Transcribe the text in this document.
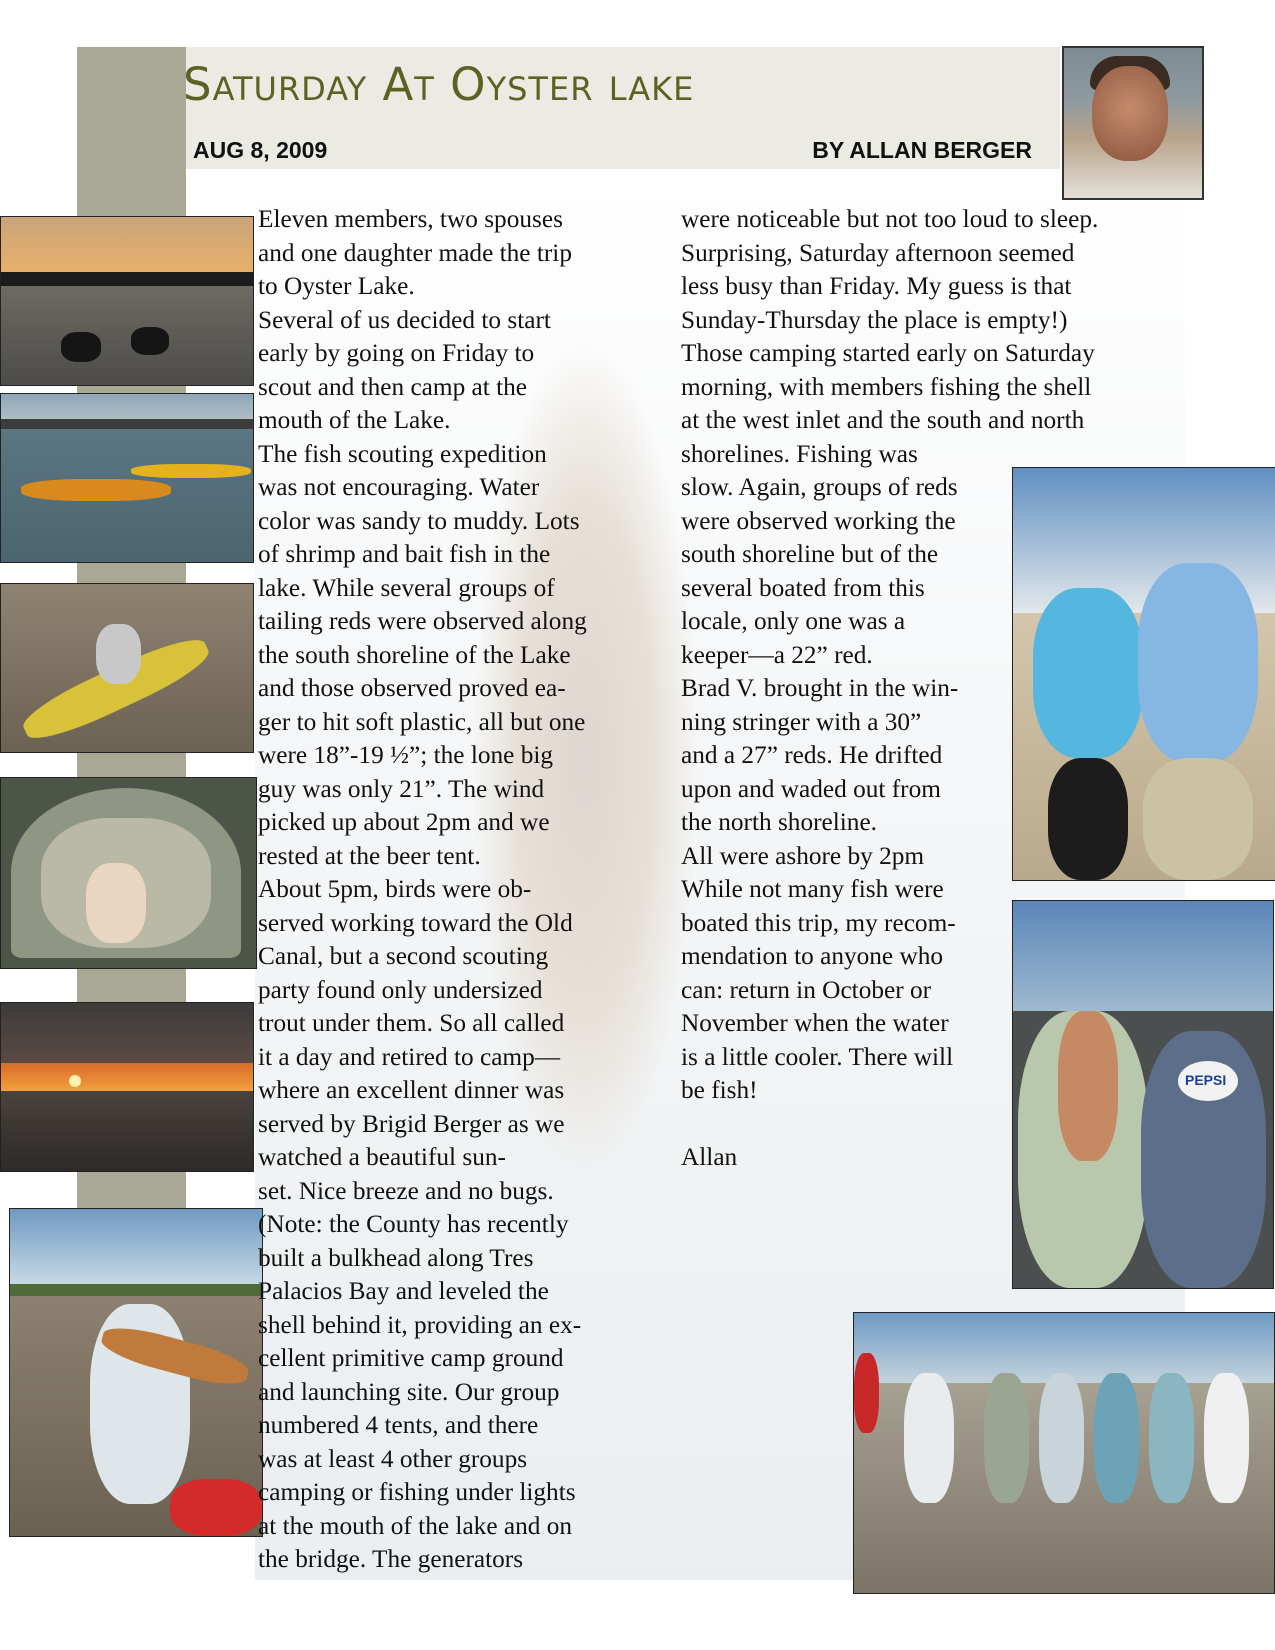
Saturday At Oyster lake
AUG 8, 2009	BY ALLAN BERGER
PEPSI

Eleven members, two spouses

and one daughter made the trip

to Oyster Lake.

Several of us decided to start

early by going on Friday to

scout and then camp at the

mouth of the Lake.

The fish scouting expedition

was not encouraging. Water

color was sandy to muddy. Lots

of shrimp and bait fish in the

lake. While several groups of

tailing reds were observed along

the south shoreline of the Lake

and those observed proved ea-

ger to hit soft plastic, all but one

were 18”-19 ½”; the lone big

guy was only 21”. The wind

picked up about 2pm and we

rested at the beer tent.

About 5pm, birds were ob-

served working toward the Old

Canal, but a second scouting

party found only undersized

trout under them. So all called

it a day and retired to camp—

where an excellent dinner was

served by Brigid Berger as we

watched a beautiful sun-

set. Nice breeze and no bugs.

(Note: the County has recently

built a bulkhead along Tres

Palacios Bay and leveled the

shell behind it, providing an ex-

cellent primitive camp ground

and launching site. Our group

numbered 4 tents, and there

was at least 4 other groups

camping or fishing under lights

at the mouth of the lake and on

the bridge. The generators

were noticeable but not too loud to sleep.

Surprising, Saturday afternoon seemed

less busy than Friday. My guess is that

Sunday-Thursday the place is empty!)

Those camping started early on Saturday

morning, with members fishing the shell

at the west inlet and the south and north

shorelines. Fishing was

slow. Again, groups of reds

were observed working the

south shoreline but of the

several boated from this

locale, only one was a

keeper—a 22” red.

Brad V. brought in the win-

ning stringer with a 30”

and a 27” reds. He drifted

upon and waded out from

the north shoreline.

All were ashore by 2pm

While not many fish were

boated this trip, my recom-

mendation to anyone who

can: return in October or

November when the water

is a little cooler. There will

be fish!

Allan
